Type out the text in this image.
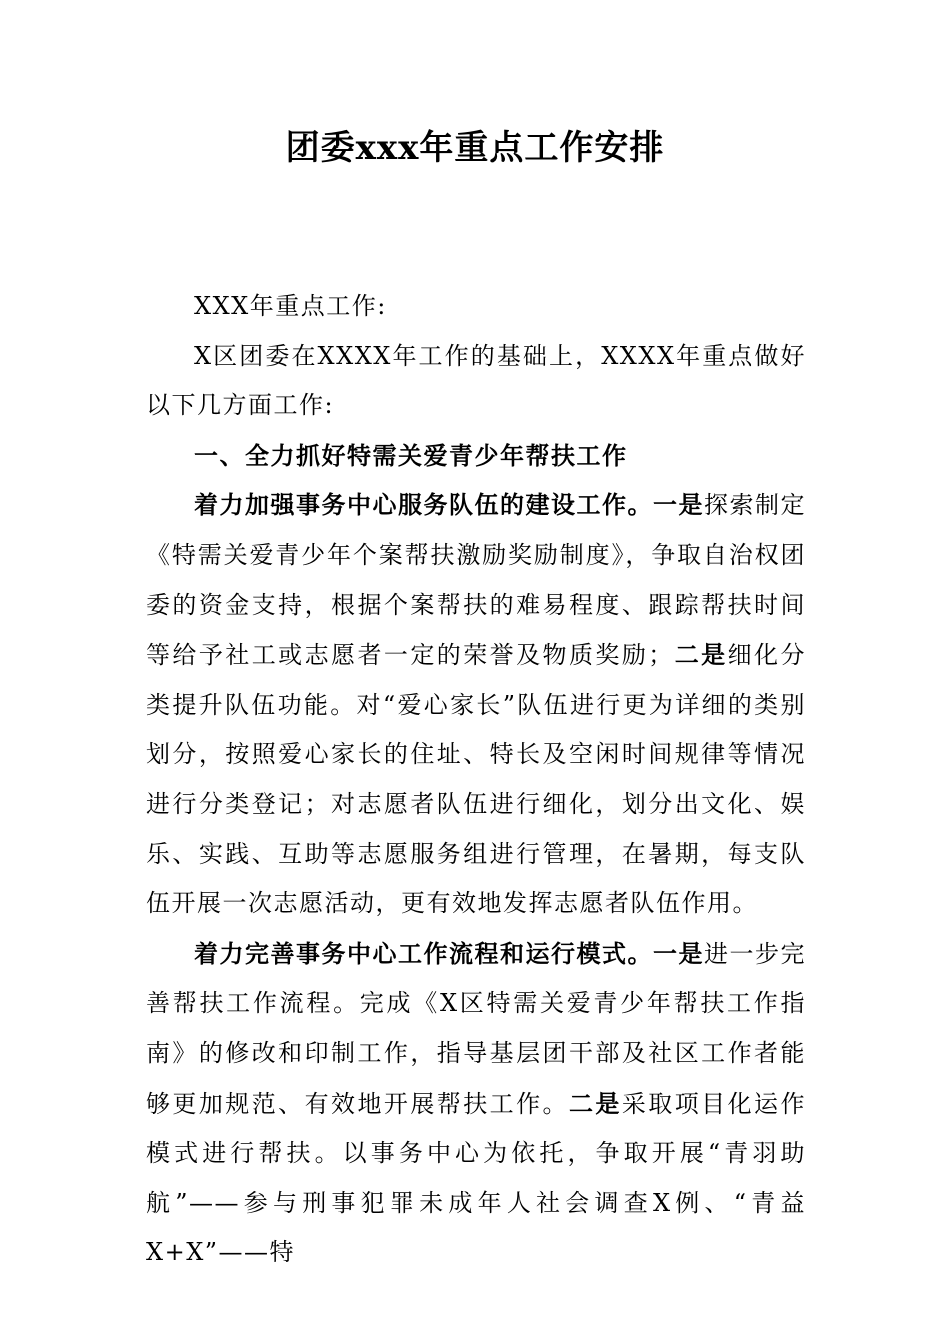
团委xxx年重点工作安排

XXX年重点工作:

X区团委在XXXX年工作的基础上，XXXX年重点做好以下几方面工作:

一、全力抓好特需关爱青少年帮扶工作

着力加强事务中心服务队伍的建设工作。一是探索制定《特需关爱青少年个案帮扶激励奖励制度》，争取自治权团委的资金支持，根据个案帮扶的难易程度、跟踪帮扶时间等给予社工或志愿者一定的荣誉及物质奖励；二是细化分类提升队伍功能。对“爱心家长”队伍进行更为详细的类别划分，按照爱心家长的住址、特长及空闲时间规律等情况进行分类登记；对志愿者队伍进行细化，划分出文化、娱乐、实践、互助等志愿服务组进行管理，在暑期，每支队伍开展一次志愿活动，更有效地发挥志愿者队伍作用。

着力完善事务中心工作流程和运行模式。一是进一步完善帮扶工作流程。完成《X区特需关爱青少年帮扶工作指南》的修改和印制工作，指导基层团干部及社区工作者能够更加规范、有效地开展帮扶工作。二是采取项目化运作模式进行帮扶。以事务中心为依托，争取开展“青羽助航”——参与刑事犯罪未成年人社会调查X例、“青益X+X”——特
